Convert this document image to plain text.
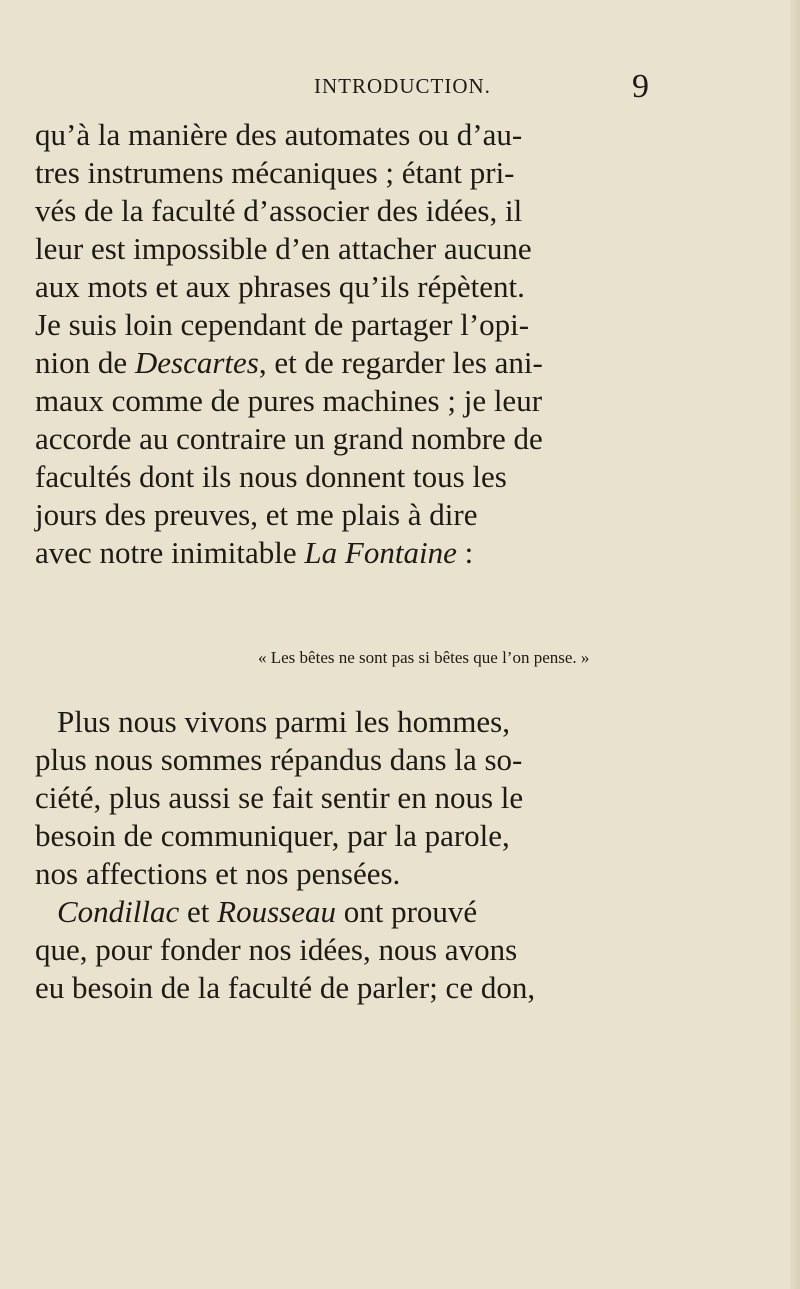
INTRODUCTION.	9
qu’à la manière des automates ou d’au-
tres instrumens mécaniques ; étant pri-
vés de la faculté d’associer des idées, il
leur est impossible d’en attacher aucune
aux mots et aux phrases qu’ils répètent.
Je suis loin cependant de partager l’opi-
nion de Descartes, et de regarder les ani-
maux comme de pures machines ; je leur
accorde au contraire un grand nombre de
facultés dont ils nous donnent tous les
jours des preuves, et me plais à dire
avec notre inimitable La Fontaine :
« Les bêtes ne sont pas si bêtes que l’on pense. »
Plus nous vivons parmi les hommes,
plus nous sommes répandus dans la so-
ciété, plus aussi se fait sentir en nous le
besoin de communiquer, par la parole,
nos affections et nos pensées.
Condillac et Rousseau ont prouvé
que, pour fonder nos idées, nous avons
eu besoin de la faculté de parler; ce don,
